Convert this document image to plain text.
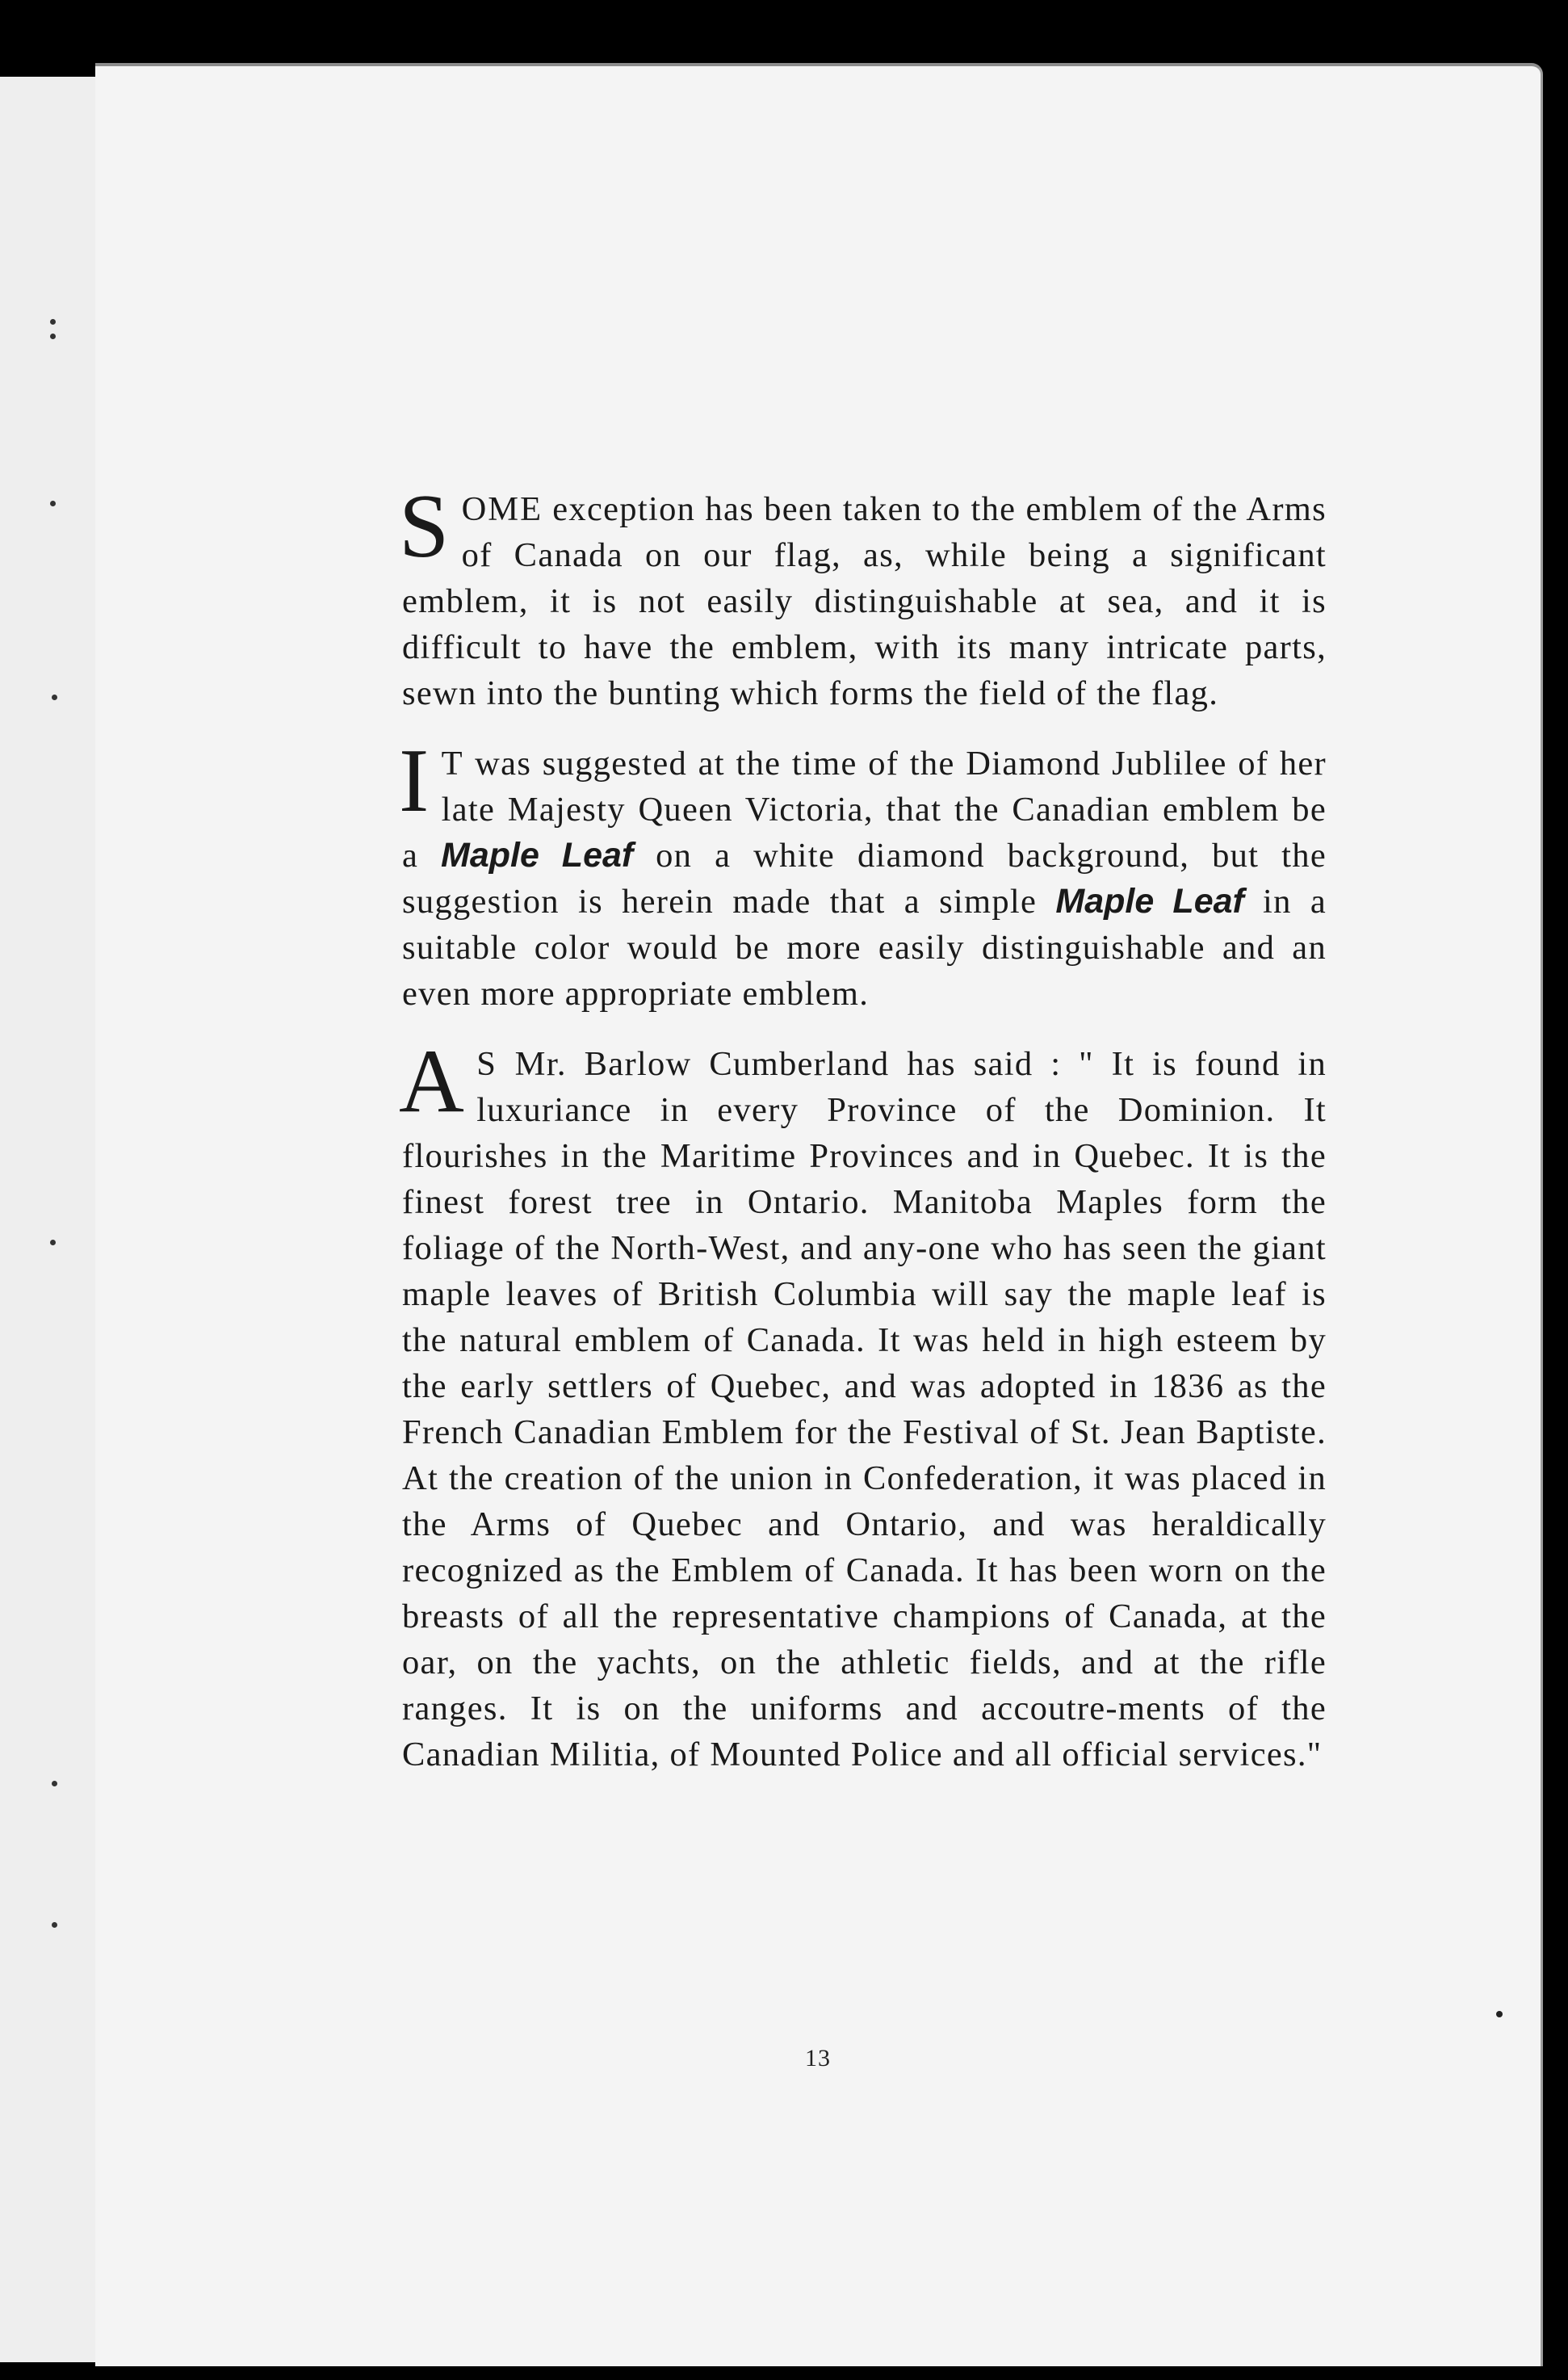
SOME exception has been taken to the emblem of the Arms of Canada on our flag, as, while being a significant emblem, it is not easily distinguishable at sea, and it is difficult to have the emblem, with its many intricate parts, sewn into the bunting which forms the field of the flag.

I T was suggested at the time of the Diamond Jublilee of her late Majesty Queen Victoria, that the Canadian emblem be a Maple Leaf on a white diamond background, but the suggestion is herein made that a simple Maple Leaf in a suitable color would be more easily distinguishable and an even more appropriate emblem.

A S Mr. Barlow Cumberland has said : " It is found in luxuriance in every Province of the Dominion. It flourishes in the Maritime Provinces and in Quebec. It is the finest forest tree in Ontario. Manitoba Maples form the foliage of the North-West, and any-one who has seen the giant maple leaves of British Columbia will say the maple leaf is the natural emblem of Canada. It was held in high esteem by the early settlers of Quebec, and was adopted in 1836 as the French Canadian Emblem for the Festival of St. Jean Baptiste. At the creation of the union in Confederation, it was placed in the Arms of Quebec and Ontario, and was heraldically recognized as the Emblem of Canada. It has been worn on the breasts of all the representative champions of Canada, at the oar, on the yachts, on the athletic fields, and at the rifle ranges. It is on the uniforms and accoutre-ments of the Canadian Militia, of Mounted Police and all official services."

13
